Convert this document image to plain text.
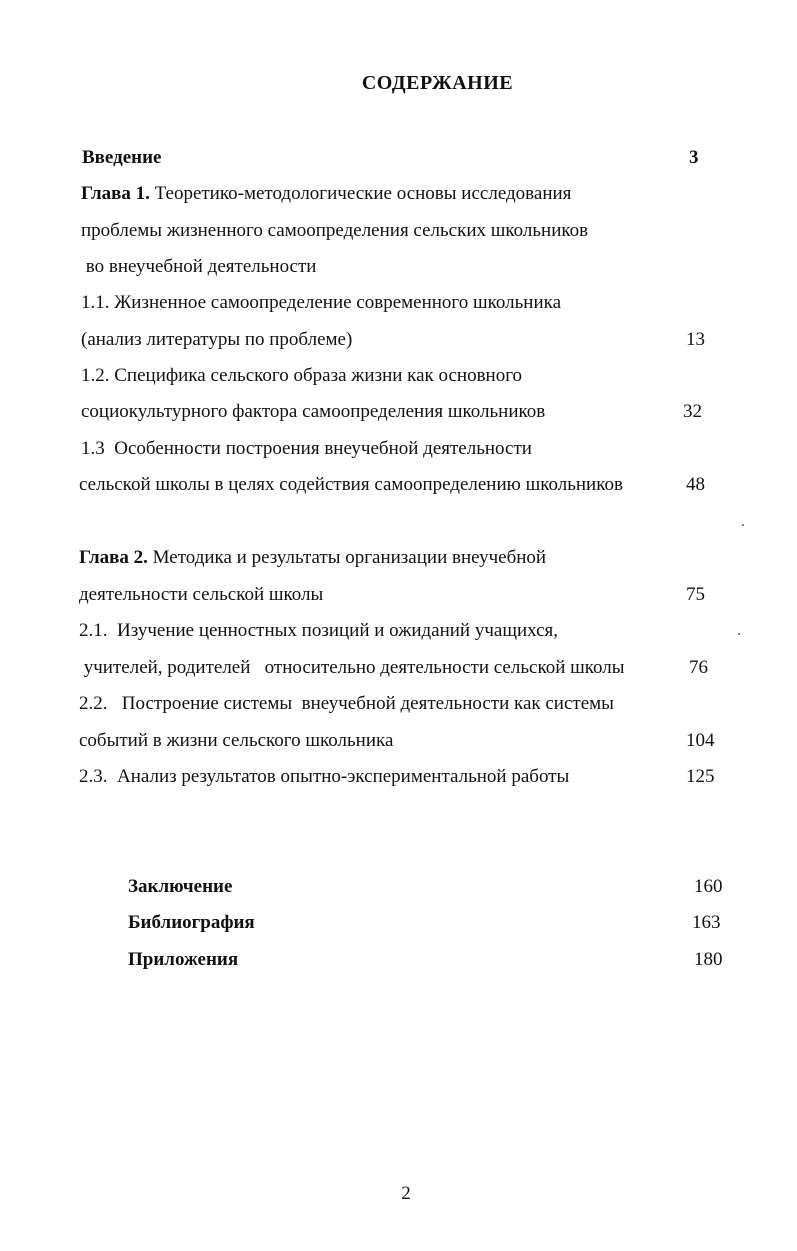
СОДЕРЖАНИЕ
Введение	3
Глава 1. Теоретико-методологические основы исследования
проблемы жизненного самоопределения сельских школьников
во внеучебной деятельности
1.1. Жизненное самоопределение современного школьника
(анализ литературы по проблеме)	13
1.2. Специфика сельского образа жизни как основного
социокультурного фактора самоопределения школьников	32
1.3  Особенности построения внеучебной деятельности
сельской школы в целях содействия самоопределению школьников	48
Глава 2. Методика и результаты организации внеучебной
деятельности сельской школы	75
2.1.  Изучение ценностных позиций и ожиданий учащихся,
учителей, родителей   относительно деятельности сельской школы	76
2.2.   Построение системы  внеучебной деятельности как системы
событий в жизни сельского школьника	104
2.3.  Анализ результатов опытно-экспериментальной работы	125
Заключение	160
Библиография	163
Приложения	180
2
